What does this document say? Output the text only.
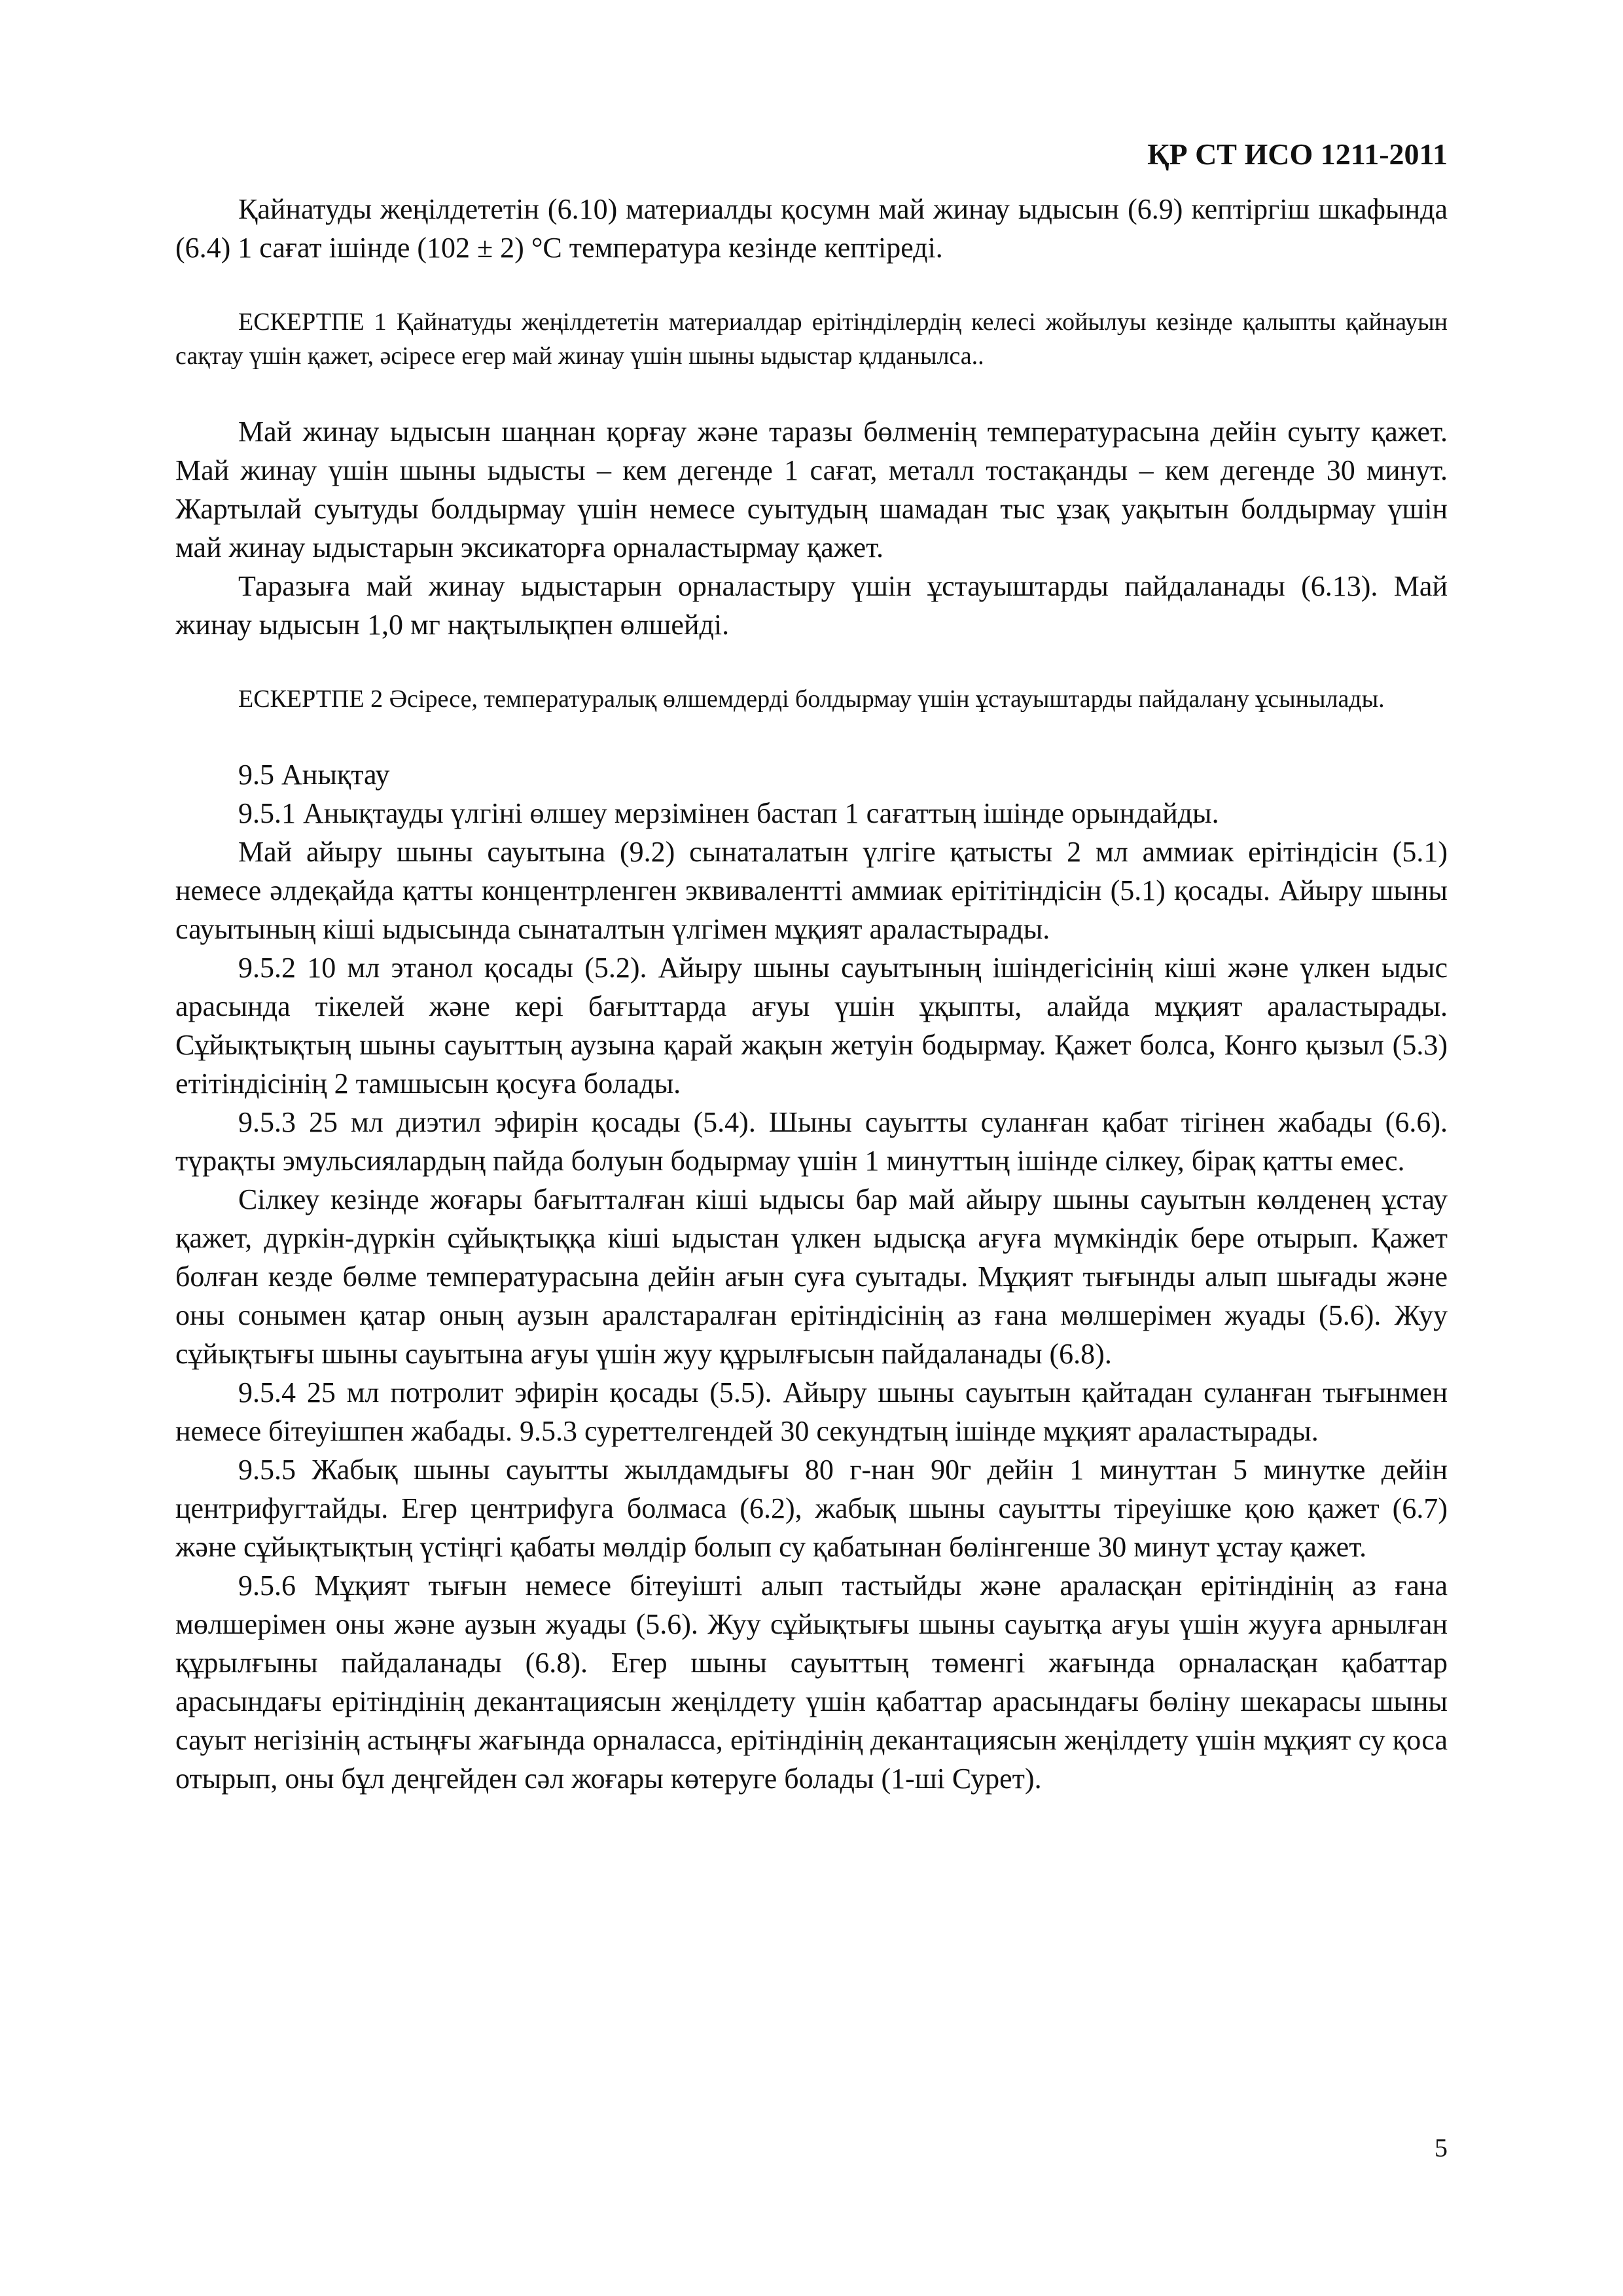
ҚР СТ ИСО 1211-2011

Қайнатуды жеңілдететін (6.10) материалды қосумн май жинау ыдысын (6.9) кептіргіш шкафында (6.4) 1 сағат ішінде (102 ± 2) °С температура кезінде кептіреді.

ЕСКЕРТПЕ 1 Қайнатуды жеңілдететін материалдар ерітінділердің келесі жойылуы кезінде қалыпты қайнауын сақтау үшін қажет, әсіресе егер май жинау үшін шыны ыдыстар қлданылса..

Май жинау ыдысын шаңнан қорғау және таразы бөлменің температурасына дейін суыту қажет. Май жинау үшін шыны ыдысты – кем дегенде 1 сағат, металл тостақанды – кем дегенде 30 минут. Жартылай суытуды болдырмау үшін немесе суытудың шамадан тыс ұзақ уақытын болдырмау үшін май жинау ыдыстарын эксикаторға орналастырмау қажет.

Таразыға май жинау ыдыстарын орналастыру үшін ұстауыштарды пайдаланады (6.13). Май жинау ыдысын 1,0 мг нақтылықпен өлшейді.

ЕСКЕРТПЕ 2 Әсіресе, температуралық өлшемдерді болдырмау үшін ұстауыштарды пайдалану ұсынылады.

9.5 Анықтау

9.5.1 Анықтауды үлгіні өлшеу мерзімінен бастап 1 сағаттың ішінде орындайды.

Май айыру шыны сауытына (9.2) сынаталатын үлгіге қатысты 2 мл аммиак ерітіндісін (5.1) немесе әлдеқайда қатты концентрленген эквивалентті аммиак ерітітіндісін (5.1) қосады. Айыру шыны сауытының кіші ыдысында сынаталтын үлгімен мұқият араластырады.

9.5.2 10 мл этанол қосады (5.2). Айыру шыны сауытының ішіндегісінің кіші және үлкен ыдыс арасында тікелей және кері бағыттарда ағуы үшін ұқыпты, алайда мұқият араластырады. Сұйықтықтың шыны сауыттың аузына қарай жақын жетуін бодырмау. Қажет болса, Конго қызыл (5.3) етітіндісінің 2 тамшысын қосуға болады.

9.5.3 25 мл диэтил эфирін қосады (5.4). Шыны сауытты суланған қабат тігінен жабады (6.6). түрақты эмульсиялардың пайда болуын бодырмау үшін 1 минуттың ішінде сілкеу, бірақ қатты емес.

Сілкеу кезінде жоғары бағытталған кіші ыдысы бар май айыру шыны сауытын көлденең ұстау қажет, дүркін-дүркін сұйықтыққа кіші ыдыстан үлкен ыдысқа ағуға мүмкіндік бере отырып. Қажет болған кезде бөлме температурасына дейін ағын суға суытады. Мұқият тығынды алып шығады және оны сонымен қатар оның аузын аралстаралған ерітіндісінің аз ғана мөлшерімен жуады (5.6). Жуу сұйықтығы шыны сауытына ағуы үшін жуу құрылғысын пайдаланады (6.8).

9.5.4 25 мл потролит эфирін қосады (5.5). Айыру шыны сауытын қайтадан суланған тығынмен немесе бітеуішпен жабады. 9.5.3 суреттелгендей 30 секундтың ішінде мұқият араластырады.

9.5.5 Жабық шыны сауытты жылдамдығы 80 г-нан 90г дейін 1 минуттан 5 минутке дейін центрифугтайды. Егер центрифуга болмаса (6.2), жабық шыны сауытты тіреуішке қою қажет (6.7) және сұйықтықтың үстіңгі қабаты мөлдір болып су қабатынан бөлінгенше 30 минут ұстау қажет.

9.5.6 Мұқият тығын немесе бітеуішті алып тастыйды және араласқан ерітіндінің аз ғана мөлшерімен оны және аузын жуады (5.6). Жуу сұйықтығы шыны сауытқа ағуы үшін жууға арнылған құрылғыны пайдаланады (6.8). Егер шыны сауыттың төменгі жағында орналасқан қабаттар арасындағы ерітіндінің декантациясын жеңілдету үшін қабаттар арасындағы бөліну шекарасы шыны сауыт негізінің астыңғы жағында орналасса, ерітіндінің декантациясын жеңілдету үшін мұқият су қоса отырып, оны бұл деңгейден сәл жоғары көтеруге болады (1-ші Сурет).

5
